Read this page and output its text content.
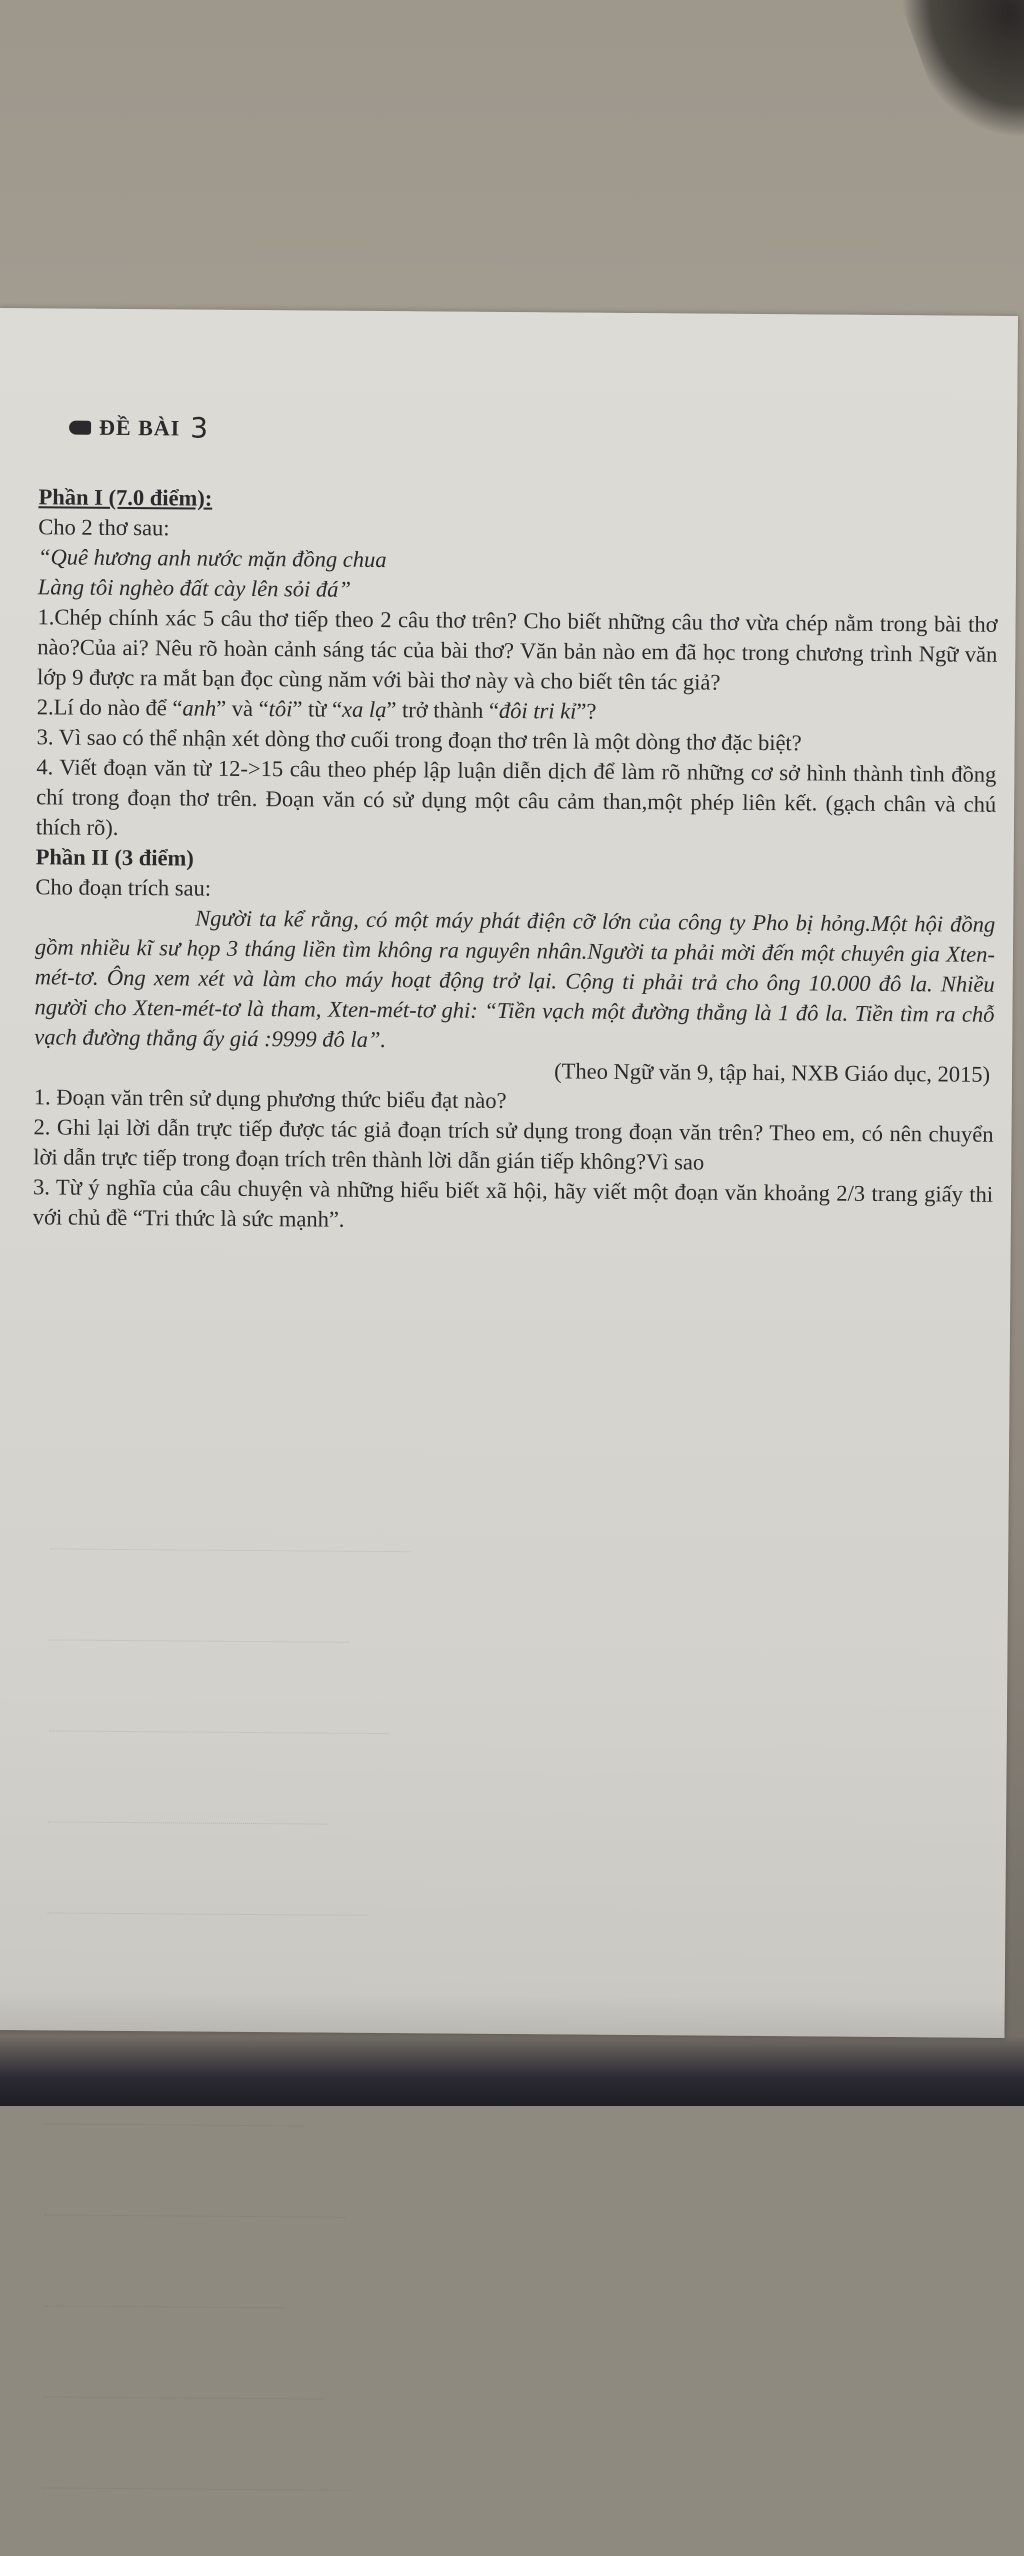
ĐỀ BÀI 3
Phần I (7.0 điểm):
Cho 2 thơ sau:
“Quê hương anh nước mặn đồng chua
Làng tôi nghèo đất cày lên sỏi đá”

1.Chép chính xác 5 câu thơ tiếp theo 2 câu thơ trên? Cho biết những câu thơ vừa chép nằm trong bài thơ nào?Của ai? Nêu rõ hoàn cảnh sáng tác của bài thơ? Văn bản nào em đã học trong chương trình Ngữ văn lớp 9 được ra mắt bạn đọc cùng năm với bài thơ này và cho biết tên tác giả?

2.Lí do nào để “anh” và “tôi” từ “xa lạ” trở thành “đôi tri kỉ”?

3. Vì sao có thể nhận xét dòng thơ cuối trong đoạn thơ trên là một dòng thơ đặc biệt?

4. Viết đoạn văn từ 12->15 câu theo phép lập luận diễn dịch để làm rõ những cơ sở hình thành tình đồng chí trong đoạn thơ trên. Đoạn văn có sử dụng một câu cảm than,một phép liên kết. (gạch chân và chú thích rõ).

Phần II (3 điểm)
Cho đoạn trích sau:

Người ta kể rằng, có một máy phát điện cỡ lớn của công ty Pho bị hỏng.Một hội đồng gồm nhiều kĩ sư họp 3 tháng liền tìm không ra nguyên nhân.Người ta phải mời đến một chuyên gia Xten-mét-tơ. Ông xem xét và làm cho máy hoạt động trở lại. Cộng ti phải trả cho ông 10.000 đô la. Nhiều người cho Xten-mét-tơ là tham, Xten-mét-tơ ghi: “Tiền vạch một đường thẳng là 1 đô la. Tiền tìm ra chỗ vạch đường thẳng ấy giá :9999 đô la”.

(Theo Ngữ văn 9, tập hai, NXB Giáo dục, 2015)

1. Đoạn văn trên sử dụng phương thức biểu đạt nào?

2. Ghi lại lời dẫn trực tiếp được tác giả đoạn trích sử dụng trong đoạn văn trên? Theo em, có nên chuyển lời dẫn trực tiếp trong đoạn trích trên thành lời dẫn gián tiếp không?Vì sao

3. Từ ý nghĩa của câu chuyện và những hiểu biết xã hội, hãy viết một đoạn văn khoảng 2/3 trang giấy thi với chủ đề “Tri thức là sức mạnh”.
